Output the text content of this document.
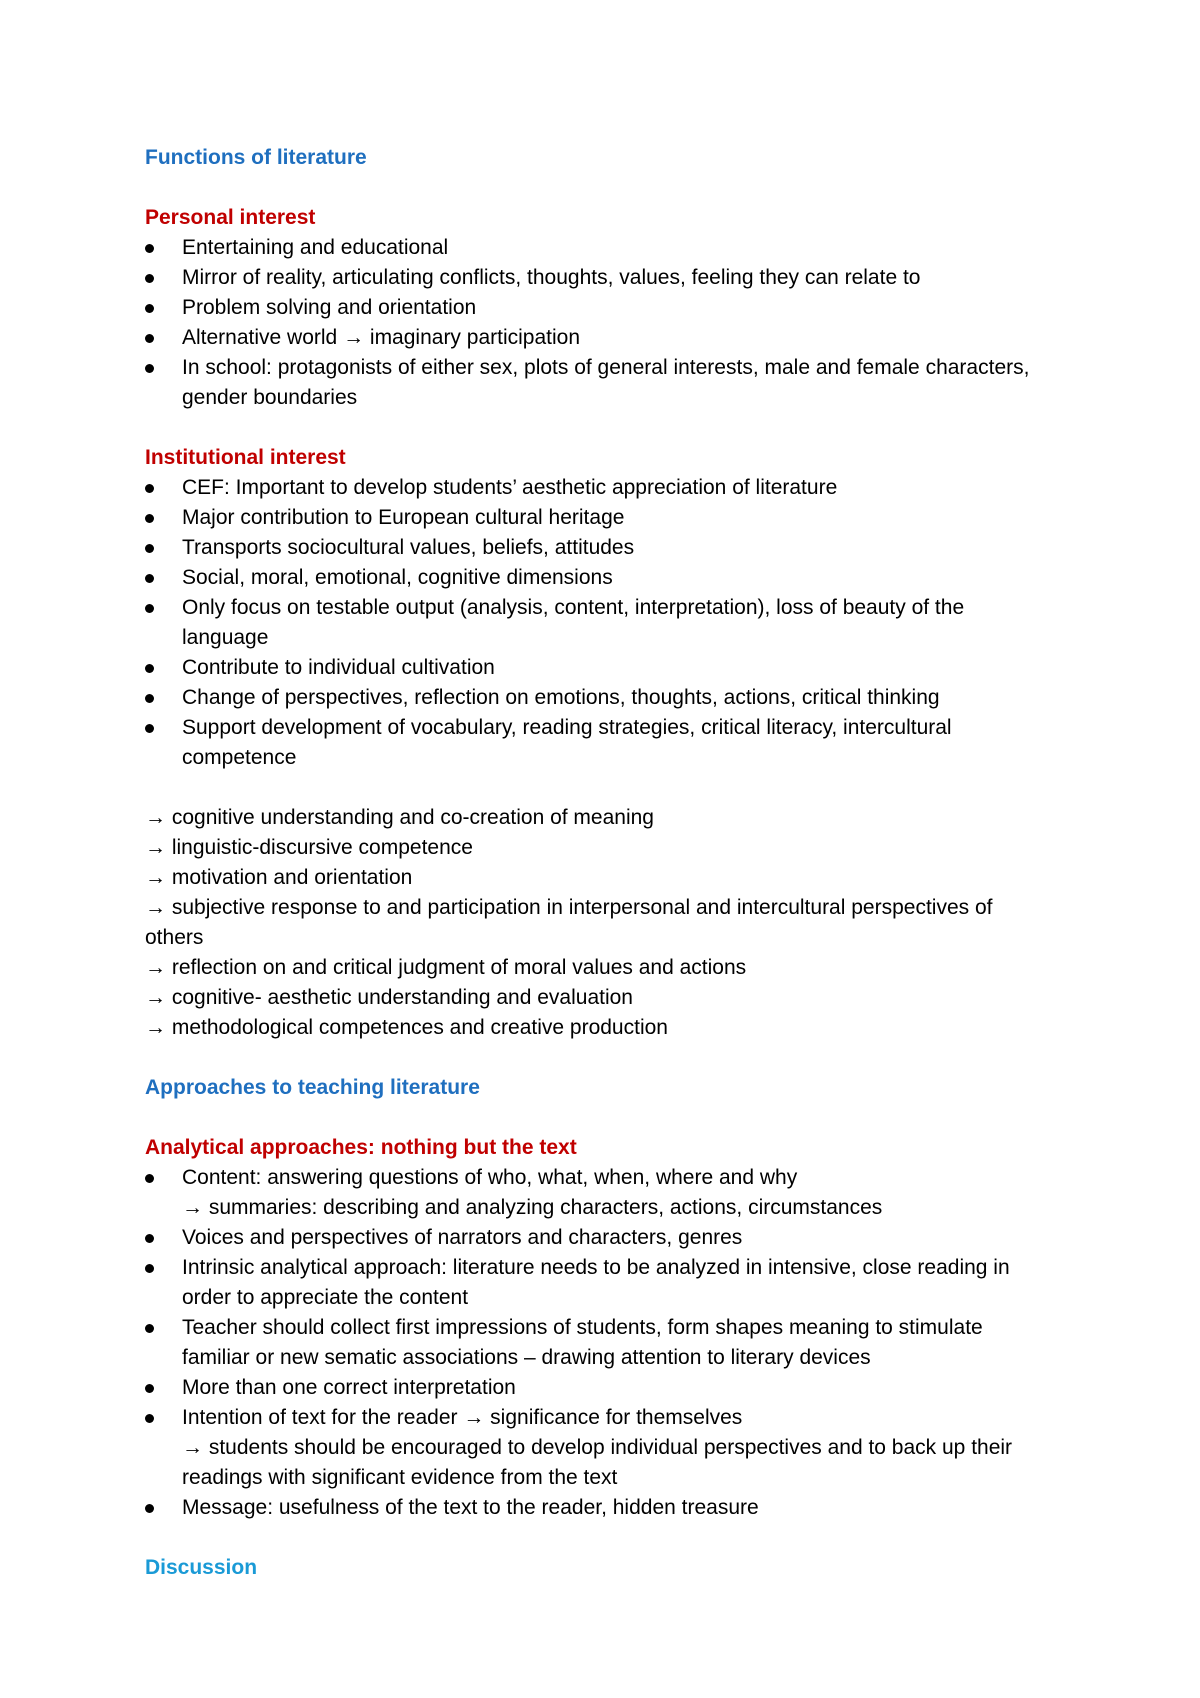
Functions of literature

Personal interest

Entertaining and educational
Mirror of reality, articulating conflicts, thoughts, values, feeling they can relate to
Problem solving and orientation
Alternative world → imaginary participation
In school: protagonists of either sex, plots of general interests, male and female characters, gender boundaries

Institutional interest

CEF: Important to develop students’ aesthetic appreciation of literature
Major contribution to European cultural heritage
Transports sociocultural values, beliefs, attitudes
Social, moral, emotional, cognitive dimensions
Only focus on testable output (analysis, content, interpretation), loss of beauty of the language
Contribute to individual cultivation
Change of perspectives, reflection on emotions, thoughts, actions, critical thinking
Support development of vocabulary, reading strategies, critical literacy, intercultural competence

→ cognitive understanding and co-creation of meaning

→ linguistic-discursive competence

→ motivation and orientation

→ subjective response to and participation in interpersonal and intercultural perspectives of others

→ reflection on and critical judgment of moral values and actions

→ cognitive- aesthetic understanding and evaluation

→ methodological competences and creative production

Approaches to teaching literature

Analytical approaches: nothing but the text

Content: answering questions of who, what, when, where and why
→ summaries: describing and analyzing characters, actions, circumstances
Voices and perspectives of narrators and characters, genres
Intrinsic analytical approach: literature needs to be analyzed in intensive, close reading in order to appreciate the content
Teacher should collect first impressions of students, form shapes meaning to stimulate familiar or new sematic associations – drawing attention to literary devices
More than one correct interpretation
Intention of text for the reader → significance for themselves
→ students should be encouraged to develop individual perspectives and to back up their readings with significant evidence from the text
Message: usefulness of the text to the reader, hidden treasure

Discussion
